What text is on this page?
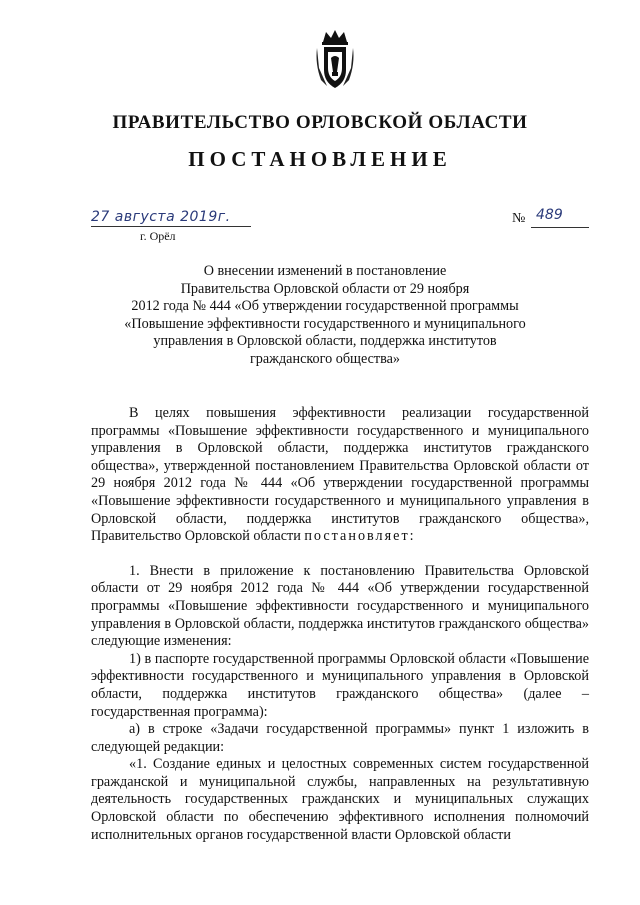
ПРАВИТЕЛЬСТВО ОРЛОВСКОЙ ОБЛАСТИ
ПОСТАНОВЛЕНИЕ
27 августа 2019г.
г. Орёл
№ 489
О внесении изменений в постановление
Правительства Орловской области от 29 ноября
2012 года № 444 «Об утверждении государственной программы
«Повышение эффективности государственного и муниципального
управления в Орловской области, поддержка институтов
гражданского общества»

В целях повышения эффективности реализации государственной программы «Повышение эффективности государственного и муниципального управления в Орловской области, поддержка институтов гражданского общества», утвержденной постановлением Правительства Орловской области от 29 ноября 2012 года № 444 «Об утверждении государственной программы «Повышение эффективности государственного и муниципального управления в Орловской области, поддержка институтов гражданского общества», Правительство Орловской области постановляет:

1. Внести в приложение к постановлению Правительства Орловской области от 29 ноября 2012 года № 444 «Об утверждении государственной программы «Повышение эффективности государственного и муниципального управления в Орловской области, поддержка институтов гражданского общества» следующие изменения:

1) в паспорте государственной программы Орловской области «Повышение эффективности государственного и муниципального управления в Орловской области, поддержка институтов гражданского общества» (далее – государственная программа):

а) в строке «Задачи государственной программы» пункт 1 изложить в следующей редакции:

«1. Создание единых и целостных современных систем государственной гражданской и муниципальной службы, направленных на результативную деятельность государственных гражданских и муниципальных служащих Орловской области по обеспечению эффективного исполнения полномочий исполнительных органов государственной власти Орловской области
